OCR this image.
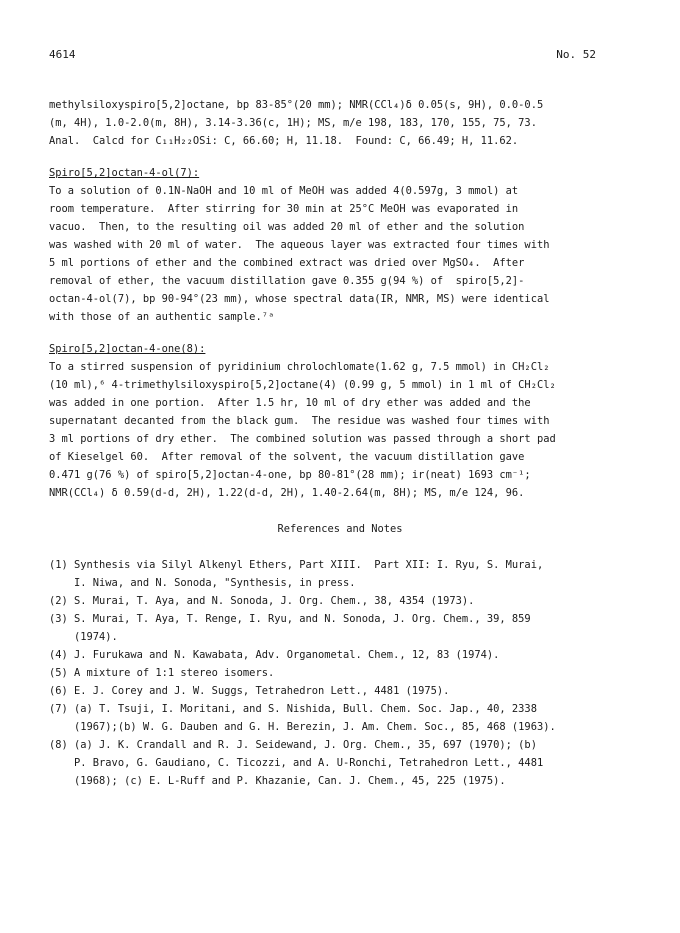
4614	No. 52
methylsiloxyspiro[5,2]octane, bp 83-85°(20 mm); NMR(CCl₄)δ 0.05(s, 9H), 0.0-0.5
(m, 4H), 1.0-2.0(m, 8H), 3.14-3.36(c, 1H); MS, m/e 198, 183, 170, 155, 75, 73.
Anal.  Calcd for C₁₁H₂₂OSi: C, 66.60; H, 11.18.  Found: C, 66.49; H, 11.62.
Spiro[5,2]octan-4-ol(7):
To a solution of 0.1N-NaOH and 10 ml of MeOH was added 4(0.597g, 3 mmol) at
room temperature.  After stirring for 30 min at 25°C MeOH was evaporated in
vacuo.  Then, to the resulting oil was added 20 ml of ether and the solution
was washed with 20 ml of water.  The aqueous layer was extracted four times with
5 ml portions of ether and the combined extract was dried over MgSO₄.  After
removal of ether, the vacuum distillation gave 0.355 g(94 %) of  spiro[5,2]-
octan-4-ol(7), bp 90-94°(23 mm), whose spectral data(IR, NMR, MS) were identical
with those of an authentic sample.⁷ᵃ
Spiro[5,2]octan-4-one(8):
To a stirred suspension of pyridinium chrolochlomate(1.62 g, 7.5 mmol) in CH₂Cl₂
(10 ml),⁶ 4-trimethylsiloxyspiro[5,2]octane(4) (0.99 g, 5 mmol) in 1 ml of CH₂Cl₂
was added in one portion.  After 1.5 hr, 10 ml of dry ether was added and the
supernatant decanted from the black gum.  The residue was washed four times with
3 ml portions of dry ether.  The combined solution was passed through a short pad
of Kieselgel 60.  After removal of the solvent, the vacuum distillation gave
0.471 g(76 %) of spiro[5,2]octan-4-one, bp 80-81°(28 mm); ir(neat) 1693 cm⁻¹;
NMR(CCl₄) δ 0.59(d-d, 2H), 1.22(d-d, 2H), 1.40-2.64(m, 8H); MS, m/e 124, 96.
References and Notes
(1) Synthesis via Silyl Alkenyl Ethers, Part XIII.  Part XII: I. Ryu, S. Murai,
I. Niwa, and N. Sonoda, "Synthesis, in press.
(2) S. Murai, T. Aya, and N. Sonoda, J. Org. Chem., 38, 4354 (1973).
(3) S. Murai, T. Aya, T. Renge, I. Ryu, and N. Sonoda, J. Org. Chem., 39, 859
(1974).
(4) J. Furukawa and N. Kawabata, Adv. Organometal. Chem., 12, 83 (1974).
(5) A mixture of 1:1 stereo isomers.
(6) E. J. Corey and J. W. Suggs, Tetrahedron Lett., 4481 (1975).
(7) (a) T. Tsuji, I. Moritani, and S. Nishida, Bull. Chem. Soc. Jap., 40, 2338
(1967);(b) W. G. Dauben and G. H. Berezin, J. Am. Chem. Soc., 85, 468 (1963).
(8) (a) J. K. Crandall and R. J. Seidewand, J. Org. Chem., 35, 697 (1970); (b)
P. Bravo, G. Gaudiano, C. Ticozzi, and A. U-Ronchi, Tetrahedron Lett., 4481
(1968); (c) E. L-Ruff and P. Khazanie, Can. J. Chem., 45, 225 (1975).
